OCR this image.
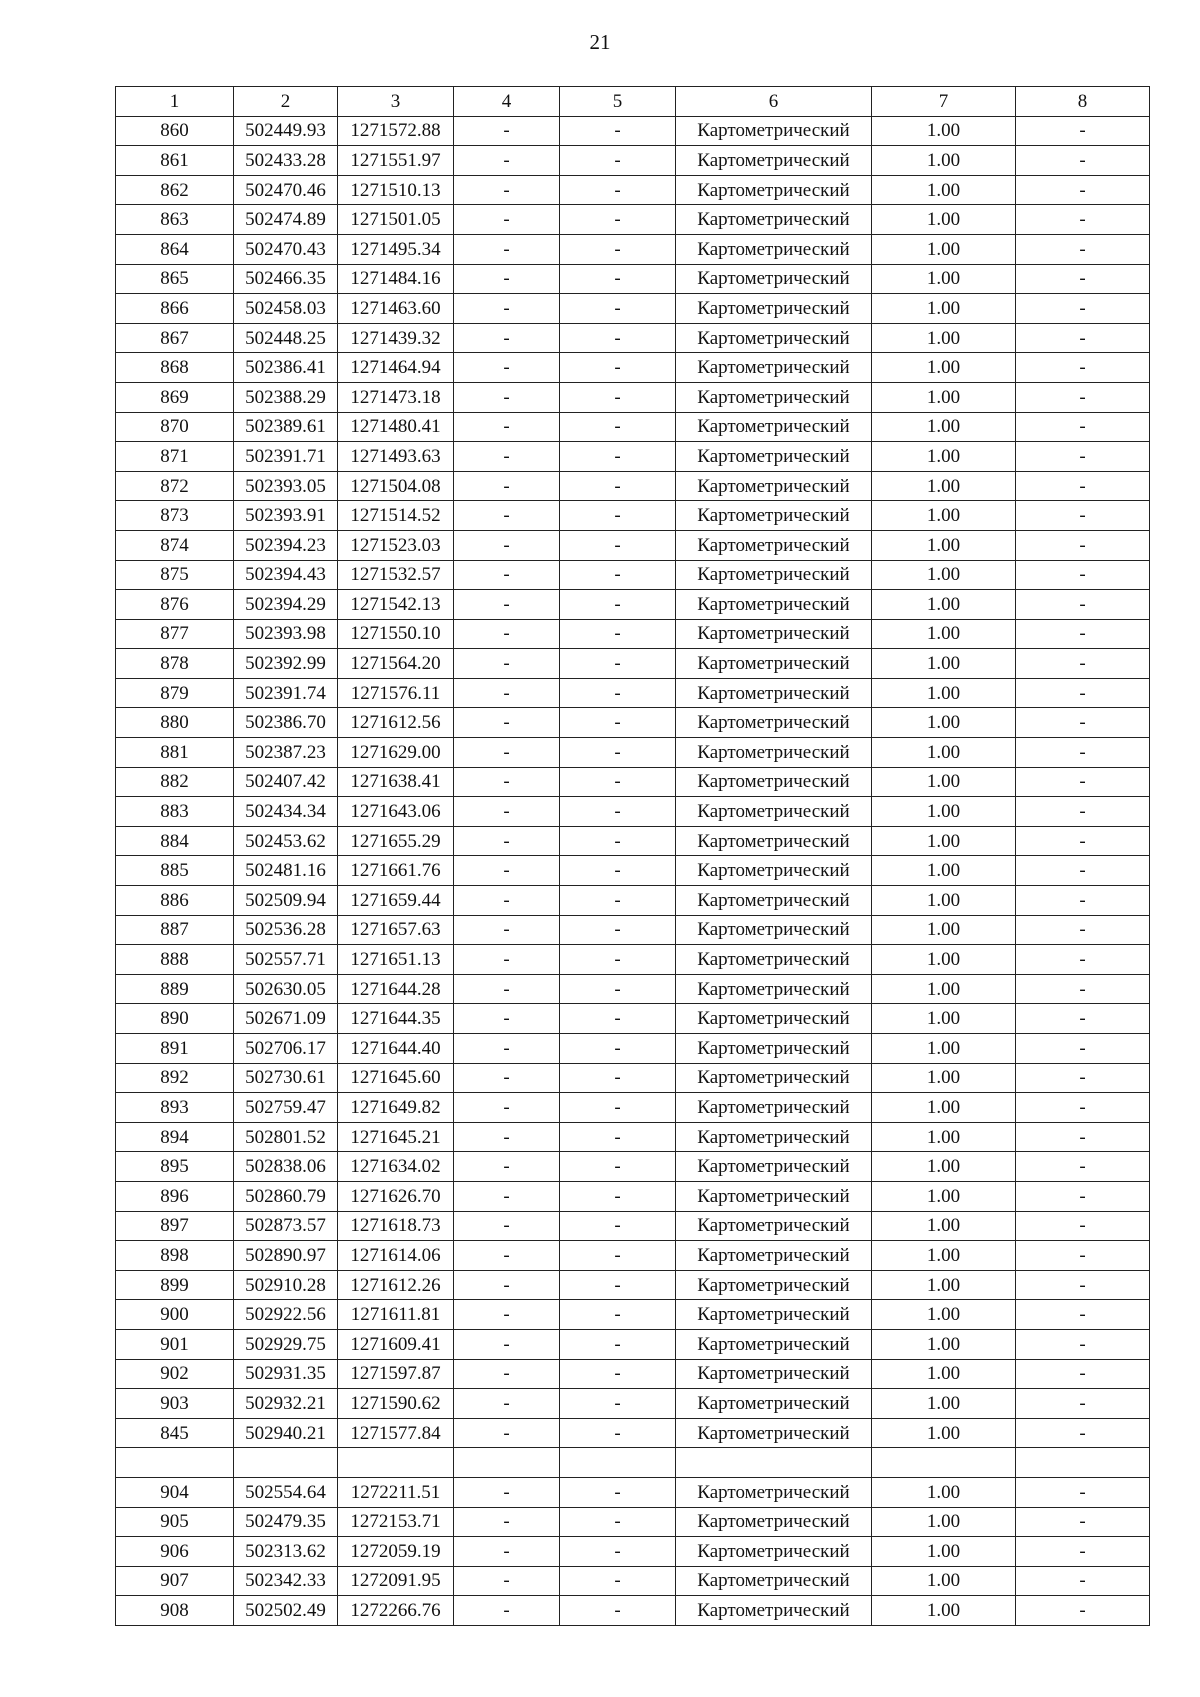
21
1	2	3	4	5	6	7	8
860	502449.93	1271572.88	-	-	Картометрический	1.00	-
861	502433.28	1271551.97	-	-	Картометрический	1.00	-
862	502470.46	1271510.13	-	-	Картометрический	1.00	-
863	502474.89	1271501.05	-	-	Картометрический	1.00	-
864	502470.43	1271495.34	-	-	Картометрический	1.00	-
865	502466.35	1271484.16	-	-	Картометрический	1.00	-
866	502458.03	1271463.60	-	-	Картометрический	1.00	-
867	502448.25	1271439.32	-	-	Картометрический	1.00	-
868	502386.41	1271464.94	-	-	Картометрический	1.00	-
869	502388.29	1271473.18	-	-	Картометрический	1.00	-
870	502389.61	1271480.41	-	-	Картометрический	1.00	-
871	502391.71	1271493.63	-	-	Картометрический	1.00	-
872	502393.05	1271504.08	-	-	Картометрический	1.00	-
873	502393.91	1271514.52	-	-	Картометрический	1.00	-
874	502394.23	1271523.03	-	-	Картометрический	1.00	-
875	502394.43	1271532.57	-	-	Картометрический	1.00	-
876	502394.29	1271542.13	-	-	Картометрический	1.00	-
877	502393.98	1271550.10	-	-	Картометрический	1.00	-
878	502392.99	1271564.20	-	-	Картометрический	1.00	-
879	502391.74	1271576.11	-	-	Картометрический	1.00	-
880	502386.70	1271612.56	-	-	Картометрический	1.00	-
881	502387.23	1271629.00	-	-	Картометрический	1.00	-
882	502407.42	1271638.41	-	-	Картометрический	1.00	-
883	502434.34	1271643.06	-	-	Картометрический	1.00	-
884	502453.62	1271655.29	-	-	Картометрический	1.00	-
885	502481.16	1271661.76	-	-	Картометрический	1.00	-
886	502509.94	1271659.44	-	-	Картометрический	1.00	-
887	502536.28	1271657.63	-	-	Картометрический	1.00	-
888	502557.71	1271651.13	-	-	Картометрический	1.00	-
889	502630.05	1271644.28	-	-	Картометрический	1.00	-
890	502671.09	1271644.35	-	-	Картометрический	1.00	-
891	502706.17	1271644.40	-	-	Картометрический	1.00	-
892	502730.61	1271645.60	-	-	Картометрический	1.00	-
893	502759.47	1271649.82	-	-	Картометрический	1.00	-
894	502801.52	1271645.21	-	-	Картометрический	1.00	-
895	502838.06	1271634.02	-	-	Картометрический	1.00	-
896	502860.79	1271626.70	-	-	Картометрический	1.00	-
897	502873.57	1271618.73	-	-	Картометрический	1.00	-
898	502890.97	1271614.06	-	-	Картометрический	1.00	-
899	502910.28	1271612.26	-	-	Картометрический	1.00	-
900	502922.56	1271611.81	-	-	Картометрический	1.00	-
901	502929.75	1271609.41	-	-	Картометрический	1.00	-
902	502931.35	1271597.87	-	-	Картометрический	1.00	-
903	502932.21	1271590.62	-	-	Картометрический	1.00	-
845	502940.21	1271577.84	-	-	Картометрический	1.00	-

904	502554.64	1272211.51	-	-	Картометрический	1.00	-
905	502479.35	1272153.71	-	-	Картометрический	1.00	-
906	502313.62	1272059.19	-	-	Картометрический	1.00	-
907	502342.33	1272091.95	-	-	Картометрический	1.00	-
908	502502.49	1272266.76	-	-	Картометрический	1.00	-
